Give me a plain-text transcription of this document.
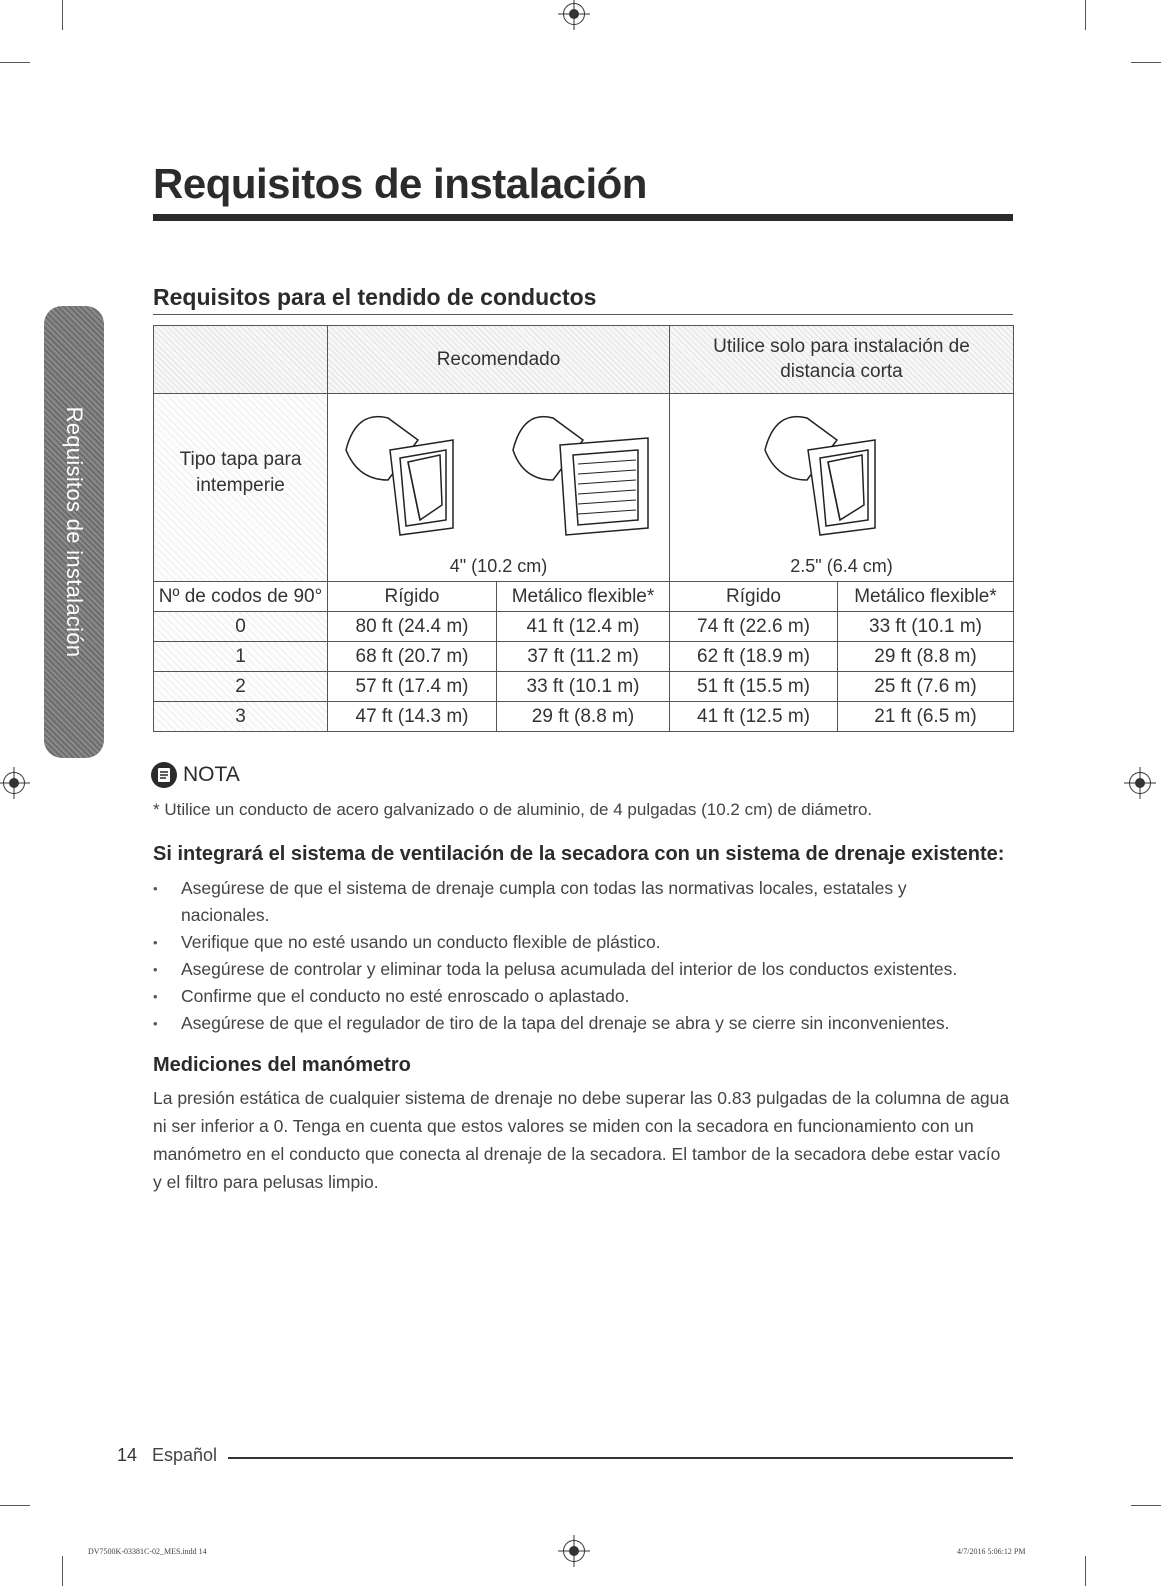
Requisitos de instalación
Requisitos de instalación
Requisitos para el tendido de conductos
	Recomendado		Utilice solo para instalación de distancia corta	

Tipo tapa para
intemperie	4" (10.2 cm)		2.5" (6.4 cm)	

Nº de codos de 90°	Rígido	Metálico flexible*	Rígido	Metálico flexible*
0	80 ft (24.4 m)	41 ft (12.4 m)	74 ft (22.6 m)	33 ft (10.1 m)
1	68 ft (20.7 m)	37 ft (11.2 m)	62 ft (18.9 m)	29 ft (8.8 m)
2	57 ft (17.4 m)	33 ft (10.1 m)	51 ft (15.5 m)	25 ft (7.6 m)
3	47 ft (14.3 m)	29 ft (8.8 m)	41 ft (12.5 m)	21 ft (6.5 m)
NOTA
* Utilice un conducto de acero galvanizado o de aluminio, de 4 pulgadas (10.2 cm) de diámetro.
Si integrará el sistema de ventilación de la secadora con un sistema de drenaje existente:
• Asegúrese de que el sistema de drenaje cumpla con todas las normativas locales, estatales y nacionales.
• Verifique que no esté usando un conducto flexible de plástico.
• Asegúrese de controlar y eliminar toda la pelusa acumulada del interior de los conductos existentes.
• Confirme que el conducto no esté enroscado o aplastado.
• Asegúrese de que el regulador de tiro de la tapa del drenaje se abra y se cierre sin inconvenientes.
Mediciones del manómetro
La presión estática de cualquier sistema de drenaje no debe superar las 0.83 pulgadas de la columna de agua ni ser inferior a 0. Tenga en cuenta que estos valores se miden con la secadora en funcionamiento con un manómetro en el conducto que conecta al drenaje de la secadora. El tambor de la secadora debe estar vacío y el filtro para pelusas limpio.
14 Español
DV7500K-03381C-02_MES.indd 14	4/7/2016 5:06:12 PM
